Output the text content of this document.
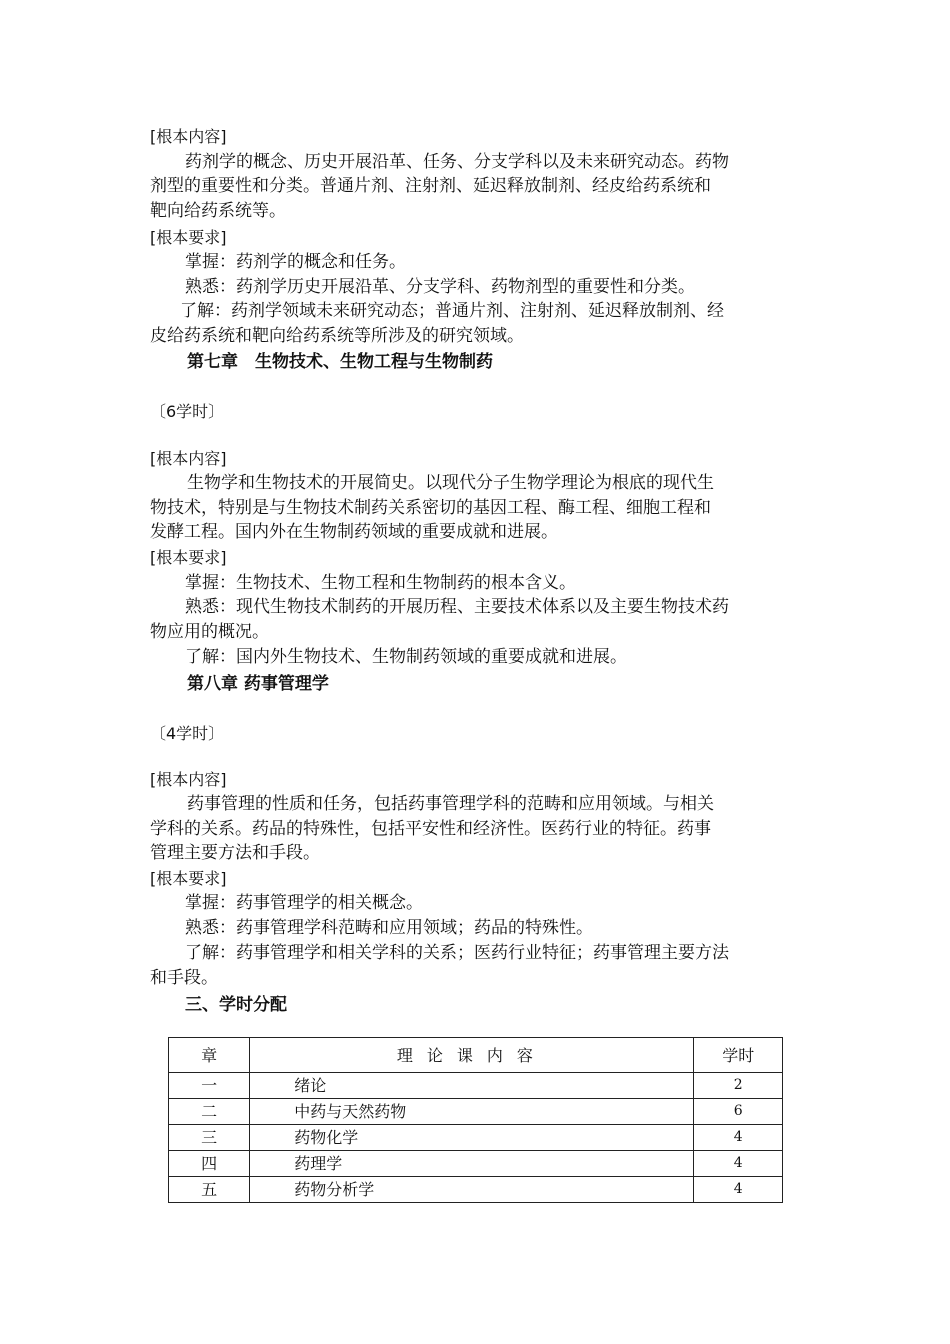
[根本内容]
药剂学的概念、历史开展沿革、任务、分支学科以及未来研究动态。药物
剂型的重要性和分类。普通片剂、注射剂、延迟释放制剂、经皮给药系统和
靶向给药系统等。
[根本要求]
掌握：药剂学的概念和任务。
熟悉：药剂学历史开展沿革、分支学科、药物剂型的重要性和分类。
了解：药剂学领域未来研究动态；普通片剂、注射剂、延迟释放制剂、经
皮给药系统和靶向给药系统等所涉及的研究领域。
第七章　生物技术、生物工程与生物制药
〔6学时〕
[根本内容]
生物学和生物技术的开展简史。以现代分子生物学理论为根底的现代生
物技术，特别是与生物技术制药关系密切的基因工程、酶工程、细胞工程和
发酵工程。国内外在生物制药领域的重要成就和进展。
[根本要求]
掌握：生物技术、生物工程和生物制药的根本含义。
熟悉：现代生物技术制药的开展历程、主要技术体系以及主要生物技术药
物应用的概况。
了解：国内外生物技术、生物制药领域的重要成就和进展。
第八章 药事管理学
〔4学时〕
[根本内容]
药事管理的性质和任务，包括药事管理学科的范畴和应用领域。与相关
学科的关系。药品的特殊性，包括平安性和经济性。医药行业的特征。药事
管理主要方法和手段。
[根本要求]
掌握：药事管理学的相关概念。
熟悉：药事管理学科范畴和应用领域；药品的特殊性。
了解：药事管理学和相关学科的关系；医药行业特征；药事管理主要方法
和手段。
三、学时分配
章	理论课内容	学时
一	绪论	2
二	中药与天然药物	6
三	药物化学	4
四	药理学	4
五	药物分析学	4
